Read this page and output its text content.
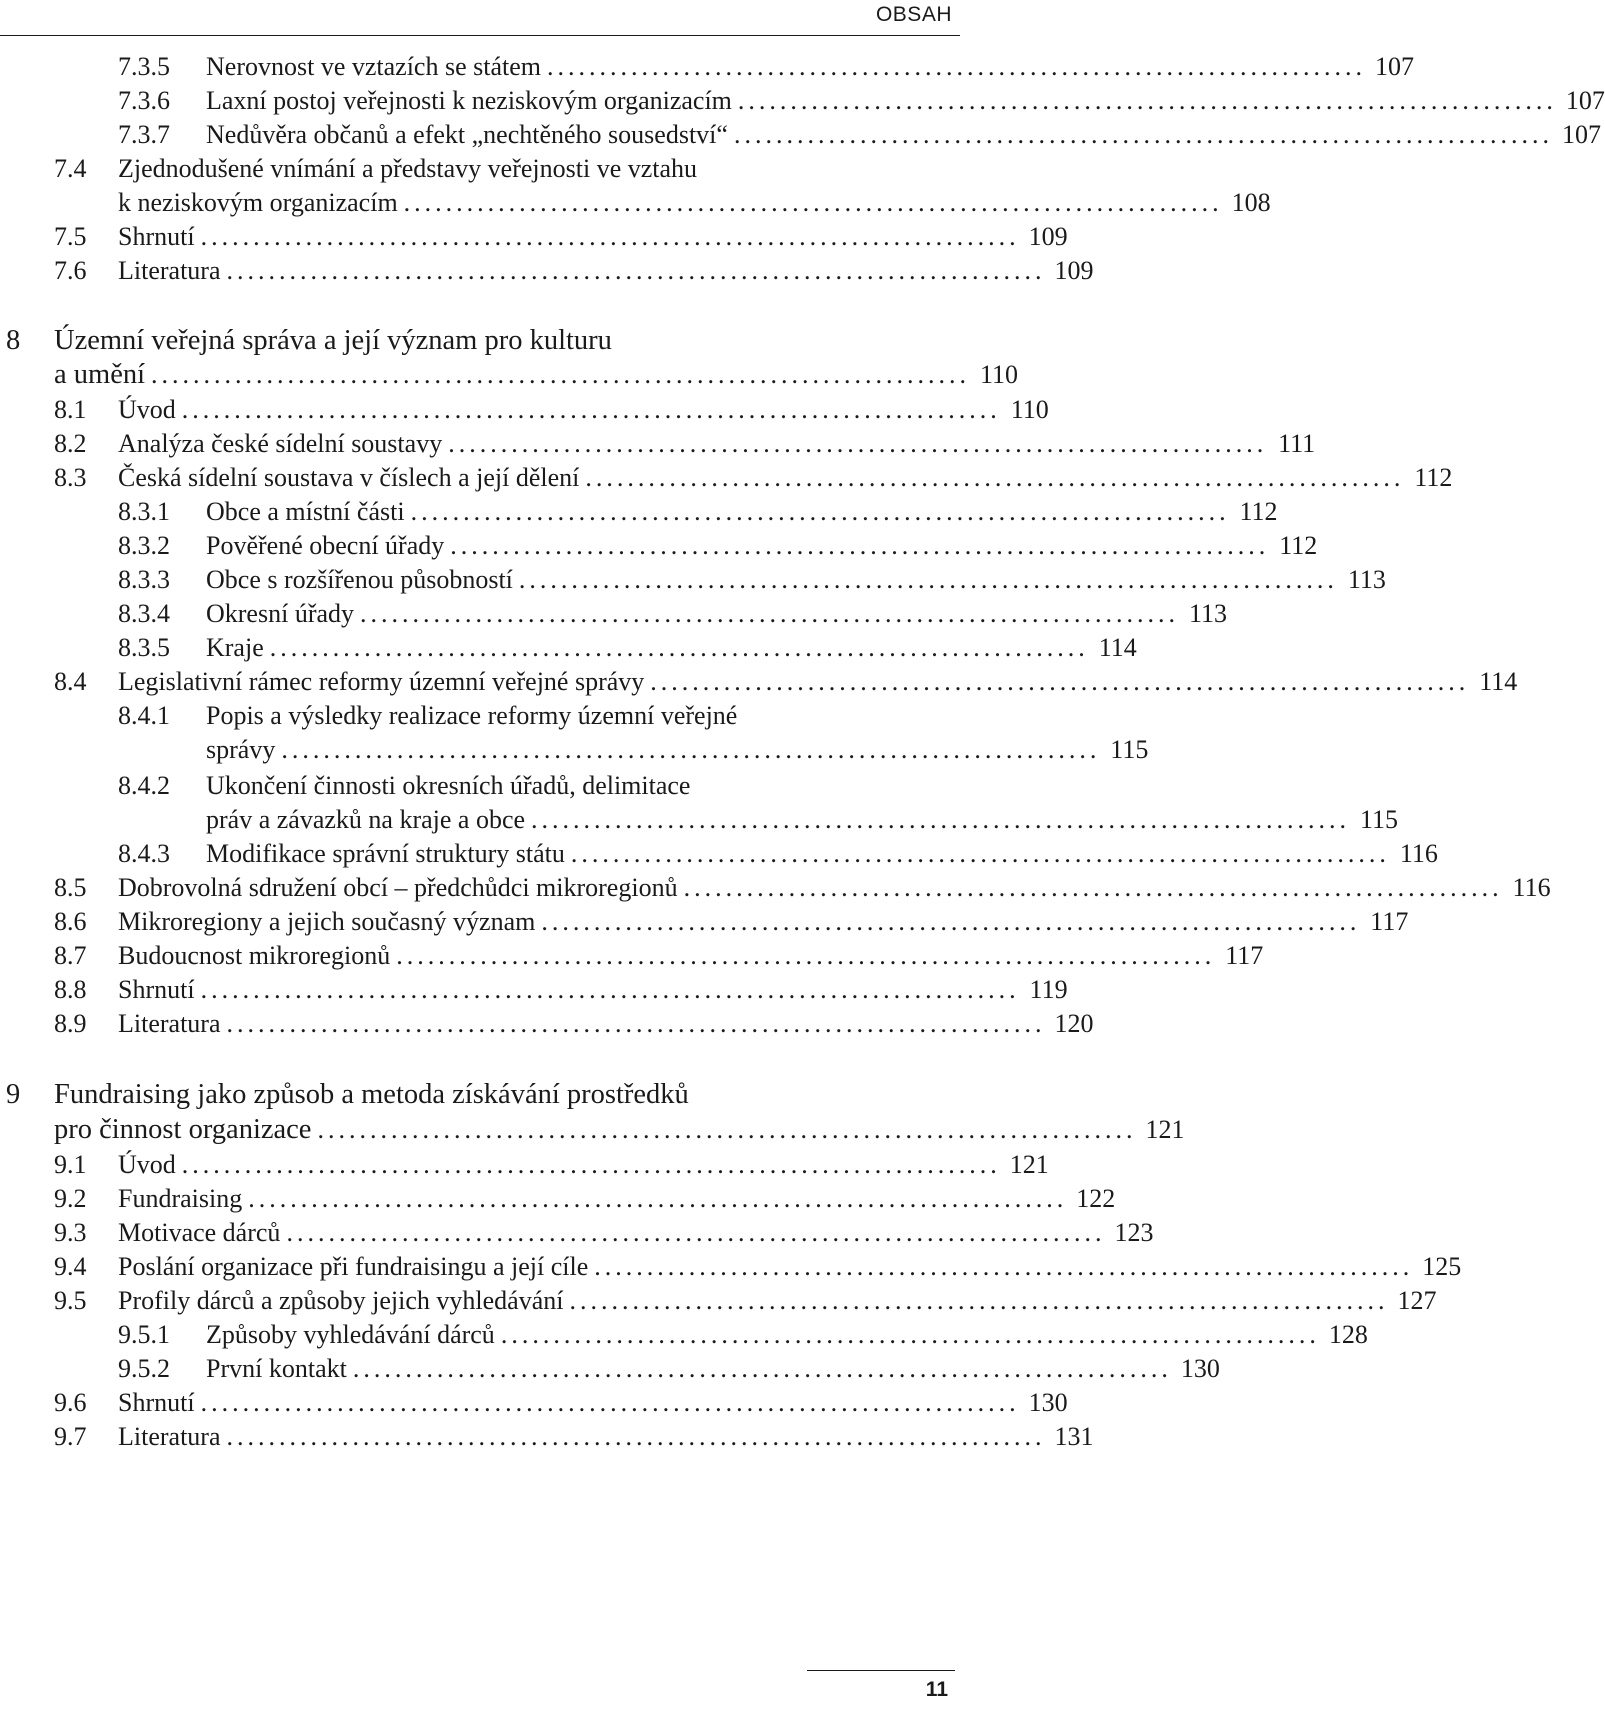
OBSAH
7.3.5 Nerovnost ve vztazích se státem .............................................................................. 107
7.3.6 Laxní postoj veřejnosti k neziskovým organizacím .............................................................................. 107
7.3.7 Nedůvěra občanů a efekt „nechtěného sousedství“ .............................................................................. 107
7.4 Zjednodušené vnímání a představy veřejnosti ve vztahu
k neziskovým organizacím .............................................................................. 108
7.5 Shrnutí .............................................................................. 109
7.6 Literatura .............................................................................. 109
8 Územní veřejná správa a její význam pro kulturu
a umění .............................................................................. 110
8.1 Úvod .............................................................................. 110
8.2 Analýza české sídelní soustavy .............................................................................. 111
8.3 Česká sídelní soustava v číslech a její dělení .............................................................................. 112
8.3.1 Obce a místní části .............................................................................. 112
8.3.2 Pověřené obecní úřady .............................................................................. 112
8.3.3 Obce s rozšířenou působností .............................................................................. 113
8.3.4 Okresní úřady .............................................................................. 113
8.3.5 Kraje .............................................................................. 114
8.4 Legislativní rámec reformy územní veřejné správy .............................................................................. 114
8.4.1 Popis a výsledky realizace reformy územní veřejné
správy .............................................................................. 115
8.4.2 Ukončení činnosti okresních úřadů, delimitace
práv a závazků na kraje a obce .............................................................................. 115
8.4.3 Modifikace správní struktury státu .............................................................................. 116
8.5 Dobrovolná sdružení obcí – předchůdci mikroregionů .............................................................................. 116
8.6 Mikroregiony a jejich současný význam .............................................................................. 117
8.7 Budoucnost mikroregionů .............................................................................. 117
8.8 Shrnutí .............................................................................. 119
8.9 Literatura .............................................................................. 120
9 Fundraising jako způsob a metoda získávání prostředků
pro činnost organizace .............................................................................. 121
9.1 Úvod .............................................................................. 121
9.2 Fundraising .............................................................................. 122
9.3 Motivace dárců .............................................................................. 123
9.4 Poslání organizace při fundraisingu a její cíle .............................................................................. 125
9.5 Profily dárců a způsoby jejich vyhledávání .............................................................................. 127
9.5.1 Způsoby vyhledávání dárců .............................................................................. 128
9.5.2 První kontakt .............................................................................. 130
9.6 Shrnutí .............................................................................. 130
9.7 Literatura .............................................................................. 131
11
